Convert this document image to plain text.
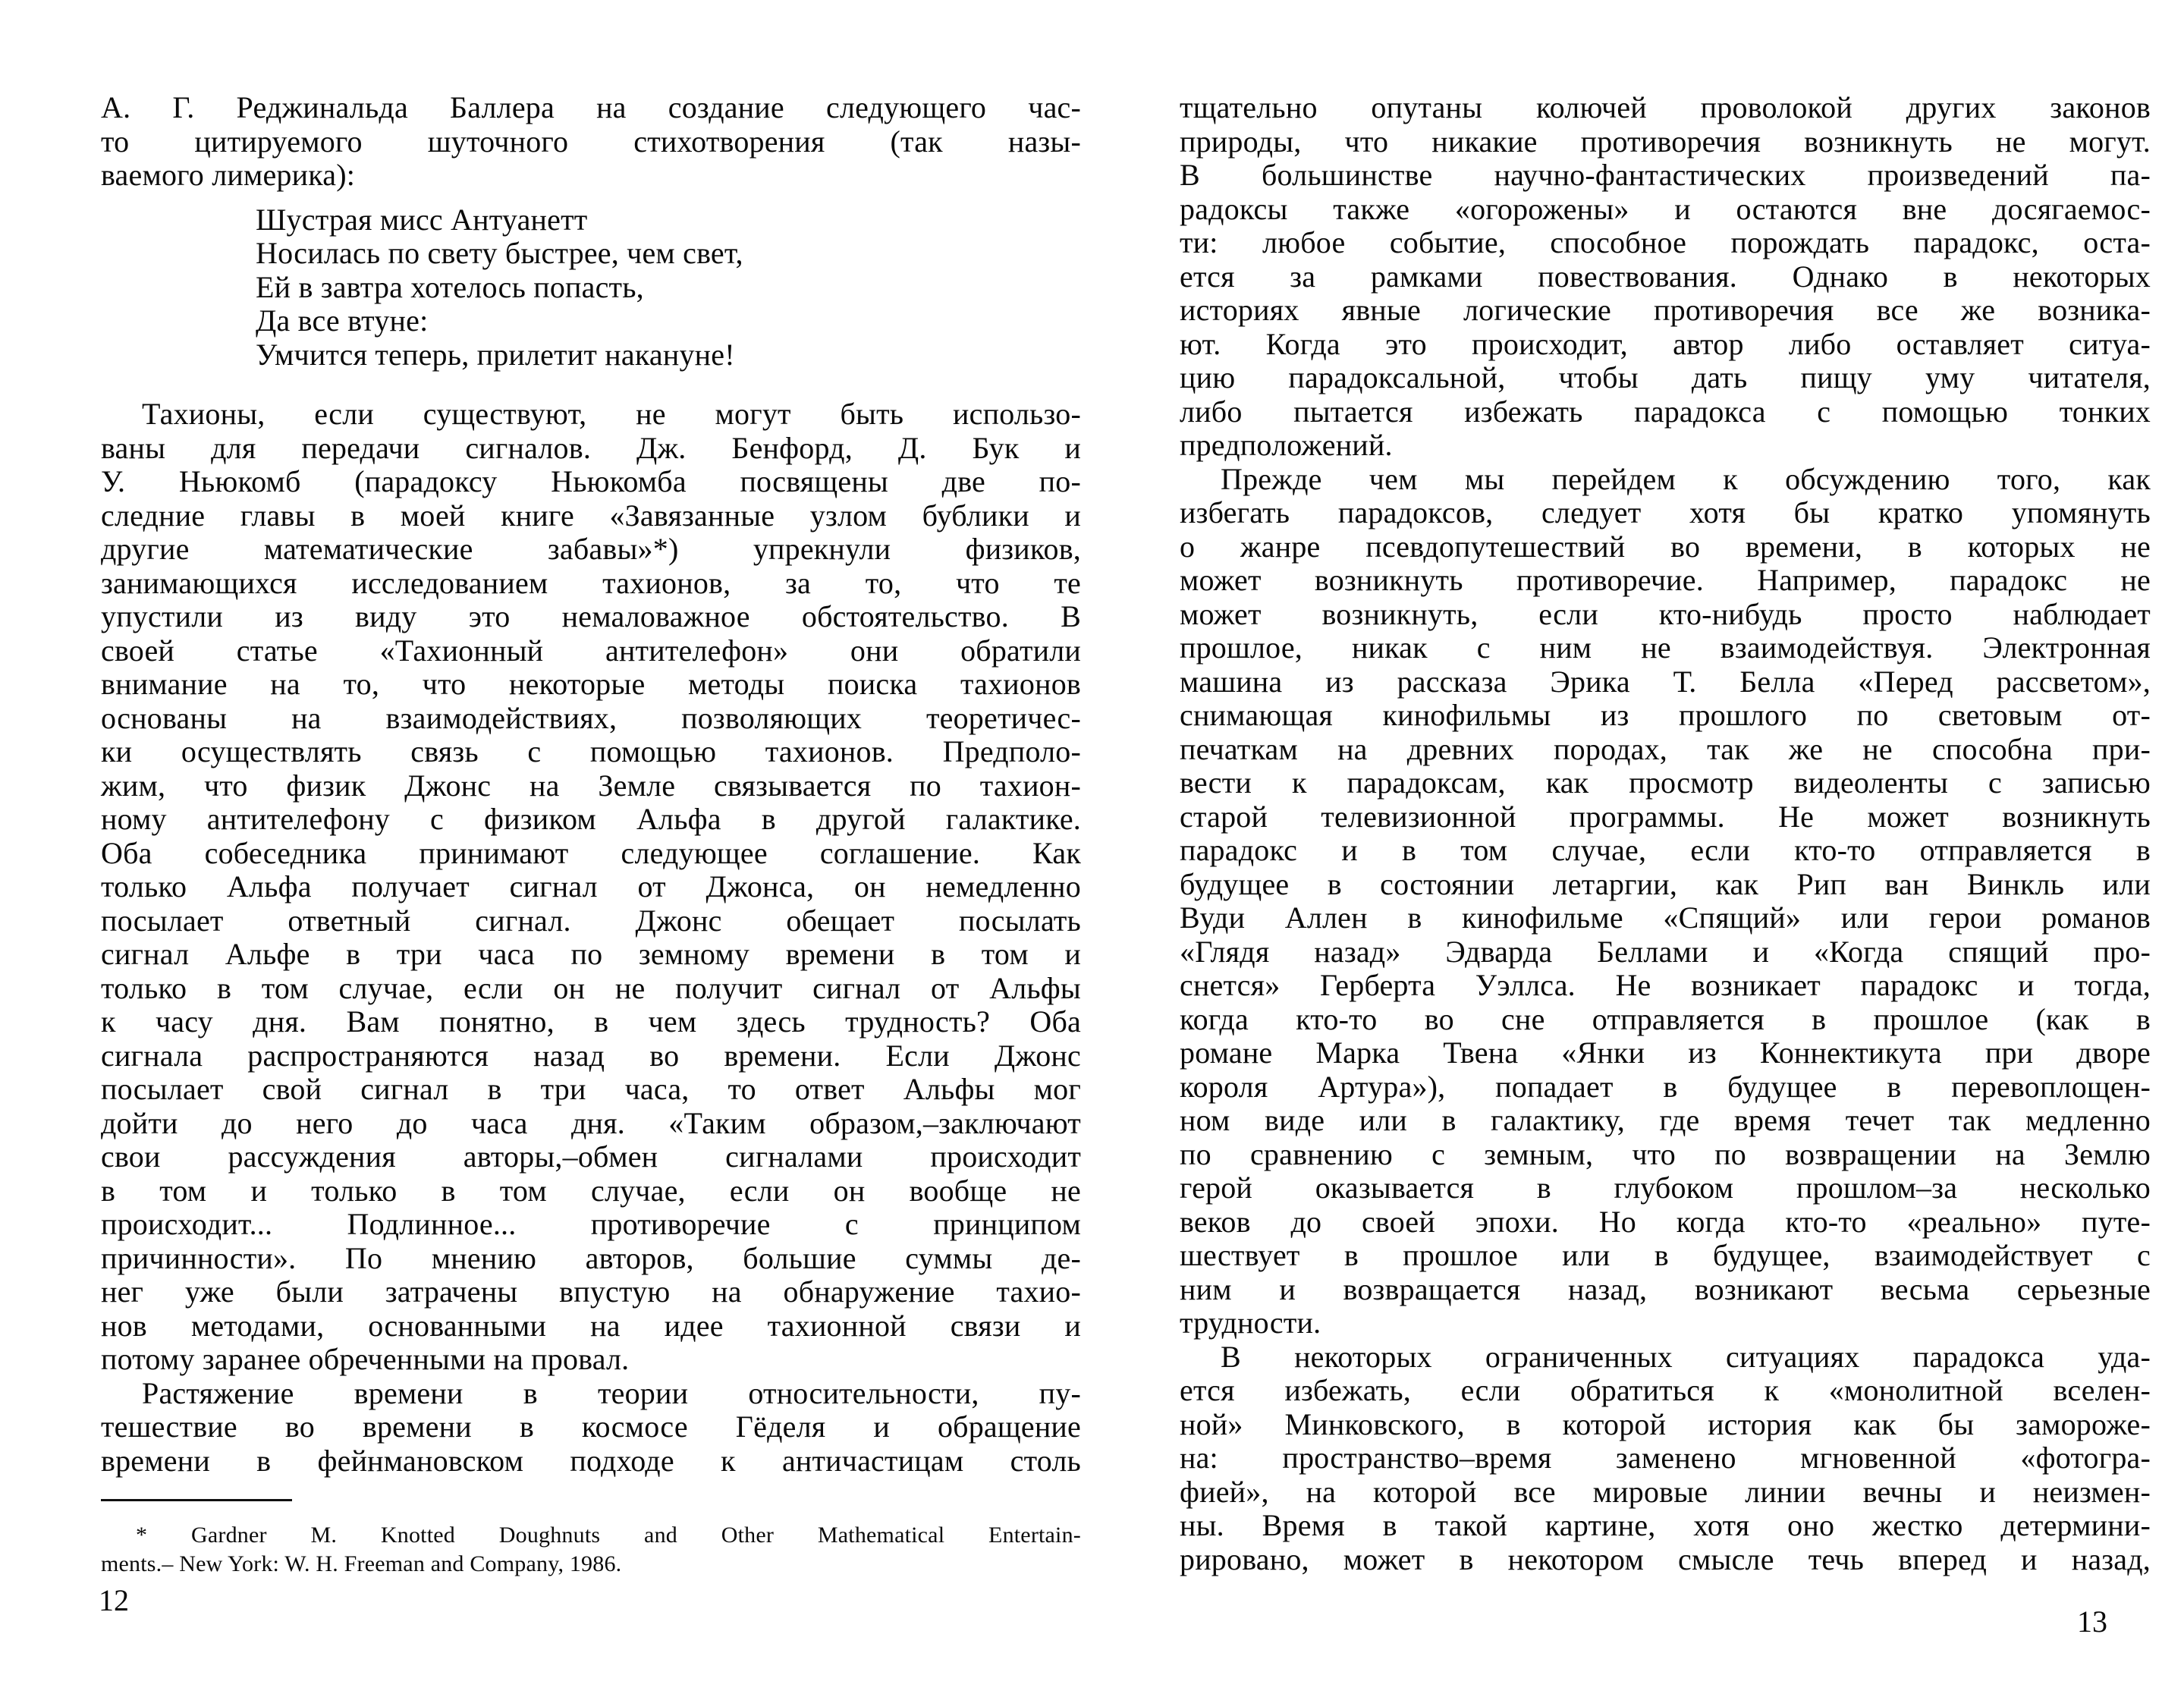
А. Г. Реджинальда Баллера на создание следующего час-
то цитируемого шуточного стихотворения (так назы-
ваемого лимерика):
Шустрая мисс Антуанетт
Носилась по свету быстрее, чем свет,
Ей в завтра хотелось попасть,
Да все втуне:
Умчится теперь, прилетит накануне!
Тахионы, если существуют, не могут быть использо-
ваны для передачи сигналов. Дж. Бенфорд, Д. Бук и
У. Ньюкомб (парадоксу Ньюкомба посвящены две по-
следние главы в моей книге «Завязанные узлом бублики и
другие математические забавы»*) упрекнули физиков,
занимающихся исследованием тахионов, за то, что те
упустили из виду это немаловажное обстоятельство. В
своей статье «Тахионный антителефон» они обратили
внимание на то, что некоторые методы поиска тахионов
основаны на взаимодействиях, позволяющих теоретичес-
ки осуществлять связь с помощью тахионов. Предполо-
жим, что физик Джонс на Земле связывается по тахион-
ному антителефону с физиком Альфа в другой галактике.
Оба собеседника принимают следующее соглашение. Как
только Альфа получает сигнал от Джонса, он немедленно
посылает ответный сигнал. Джонс обещает посылать
сигнал Альфе в три часа по земному времени в том и
только в том случае, если он не получит сигнал от Альфы
к часу дня. Вам понятно, в чем здесь трудность? Оба
сигнала распространяются назад во времени. Если Джонс
посылает свой сигнал в три часа, то ответ Альфы мог
дойти до него до часа дня. «Таким образом,–заключают
свои рассуждения авторы,–обмен сигналами происходит
в том и только в том случае, если он вообще не
происходит... Подлинное... противоречие с принципом
причинности». По мнению авторов, большие суммы де-
нег уже были затрачены впустую на обнаружение тахио-
нов методами, основанными на идее тахионной связи и
потому заранее обреченными на провал.
Растяжение времени в теории относительности, пу-
тешествие во времени в космосе Гёделя и обращение
времени в фейнмановском подходе к античастицам столь
* Gardner M. Knotted Doughnuts and Other Mathematical Entertain-
ments.– New York: W. H. Freeman and Company, 1986.
тщательно опутаны колючей проволокой других законов
природы, что никакие противоречия возникнуть не могут.
В большинстве научно-фантастических произведений па-
радоксы также «огорожены» и остаются вне досягаемос-
ти: любое событие, способное порождать парадокс, оста-
ется за рамками повествования. Однако в некоторых
историях явные логические противоречия все же возника-
ют. Когда это происходит, автор либо оставляет ситуа-
цию парадоксальной, чтобы дать пищу уму читателя,
либо пытается избежать парадокса с помощью тонких
предположений.
Прежде чем мы перейдем к обсуждению того, как
избегать парадоксов, следует хотя бы кратко упомянуть
о жанре псевдопутешествий во времени, в которых не
может возникнуть противоречие. Например, парадокс не
может возникнуть, если кто-нибудь просто наблюдает
прошлое, никак с ним не взаимодействуя. Электронная
машина из рассказа Эрика Т. Белла «Перед рассветом»,
снимающая кинофильмы из прошлого по световым от-
печаткам на древних породах, так же не способна при-
вести к парадоксам, как просмотр видеоленты с записью
старой телевизионной программы. Не может возникнуть
парадокс и в том случае, если кто-то отправляется в
будущее в состоянии летаргии, как Рип ван Винкль или
Вуди Аллен в кинофильме «Спящий» или герои романов
«Глядя назад» Эдварда Беллами и «Когда спящий про-
снется» Герберта Уэллса. Не возникает парадокс и тогда,
когда кто-то во сне отправляется в прошлое (как в
романе Марка Твена «Янки из Коннектикута при дворе
короля Артура»), попадает в будущее в перевоплощен-
ном виде или в галактику, где время течет так медленно
по сравнению с земным, что по возвращении на Землю
герой оказывается в глубоком прошлом–за несколько
веков до своей эпохи. Но когда кто-то «реально» путе-
шествует в прошлое или в будущее, взаимодействует с
ним и возвращается назад, возникают весьма серьезные
трудности.
В некоторых ограниченных ситуациях парадокса уда-
ется избежать, если обратиться к «монолитной вселен-
ной» Минковского, в которой история как бы замороже-
на: пространство–время заменено мгновенной «фотогра-
фией», на которой все мировые линии вечны и неизмен-
ны. Время в такой картине, хотя оно жестко детермини-
рировано, может в некотором смысле течь вперед и назад,
12
13
